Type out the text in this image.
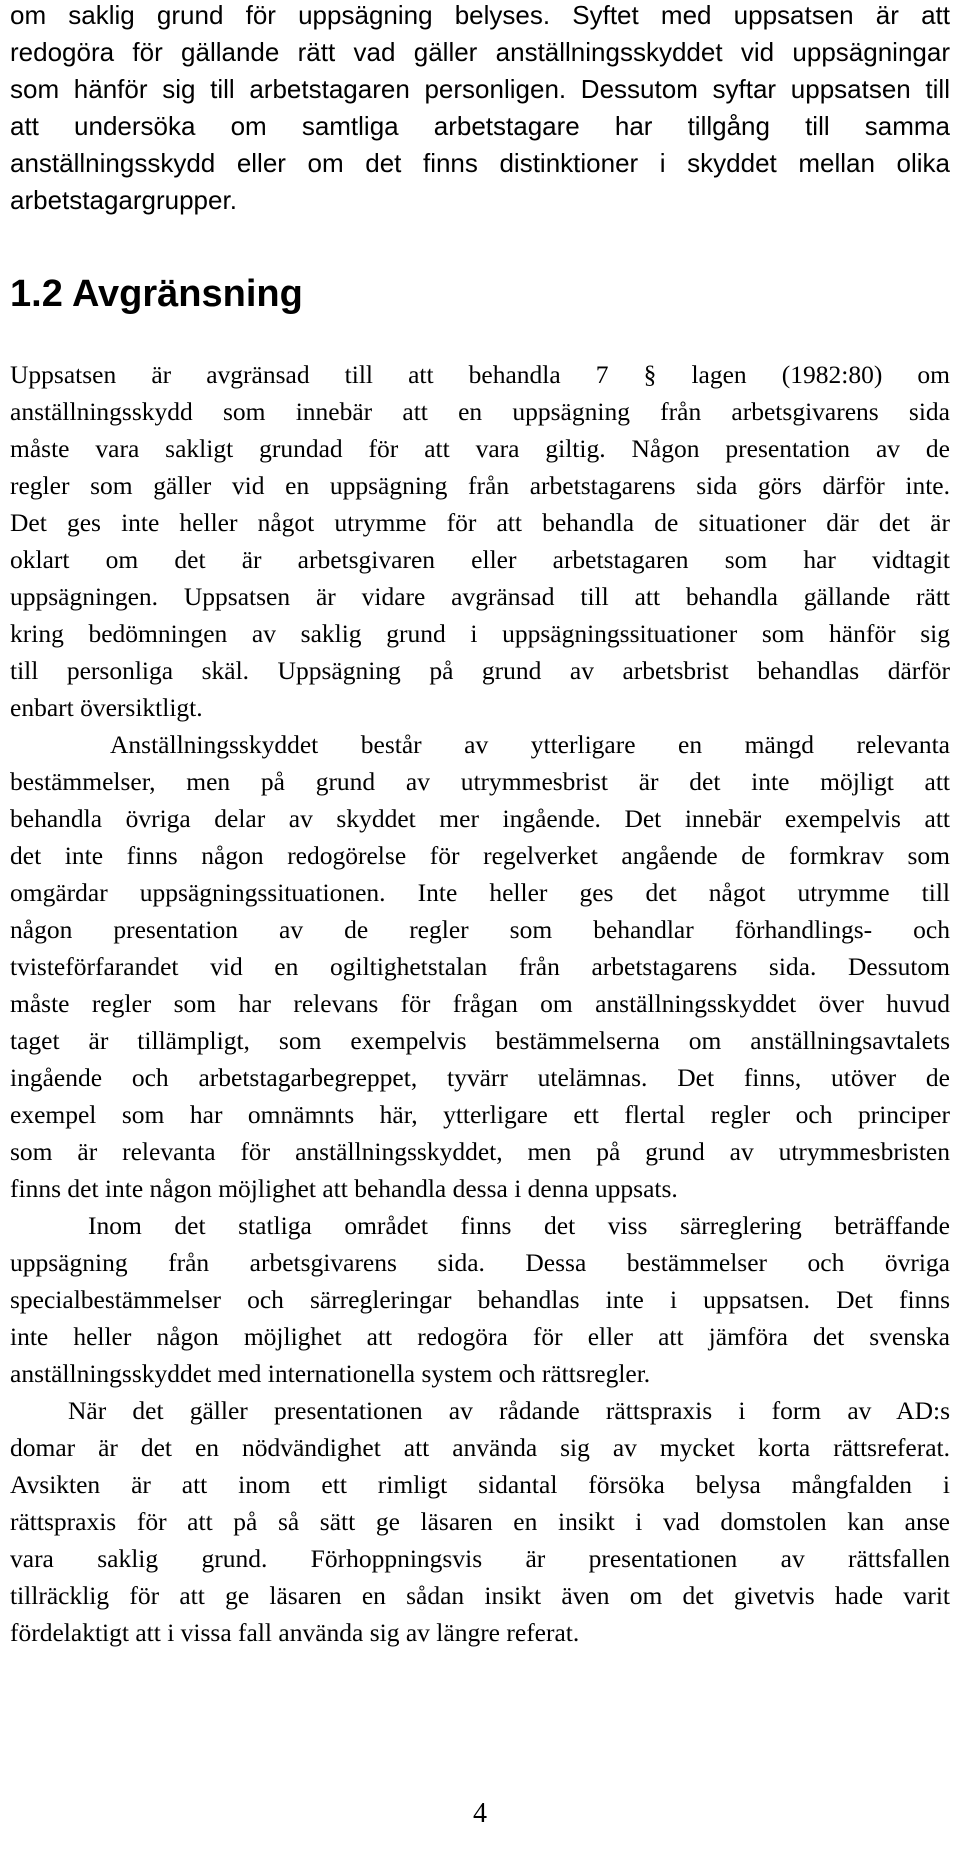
om saklig grund för uppsägning belyses. Syftet med uppsatsen är att
redogöra för gällande rätt vad gäller anställningsskyddet vid uppsägningar
som hänför sig till arbetstagaren personligen. Dessutom syftar uppsatsen till
att undersöka om samtliga arbetstagare har tillgång till samma
anställningsskydd eller om det finns distinktioner i skyddet mellan olika
arbetstagargrupper.
1.2 Avgränsning
Uppsatsen är avgränsad till att behandla 7 § lagen (1982:80) om
anställningsskydd som innebär att en uppsägning från arbetsgivarens sida
måste vara sakligt grundad för att vara giltig. Någon presentation av de
regler som gäller vid en uppsägning från arbetstagarens sida görs därför inte.
Det ges inte heller något utrymme för att behandla de situationer där det är
oklart om det är arbetsgivaren eller arbetstagaren som har vidtagit
uppsägningen. Uppsatsen är vidare avgränsad till att behandla gällande rätt
kring bedömningen av saklig grund i uppsägningssituationer som hänför sig
till personliga skäl. Uppsägning på grund av arbetsbrist behandlas därför
enbart översiktligt.
Anställningsskyddet består av ytterligare en mängd relevanta
bestämmelser, men på grund av utrymmesbrist är det inte möjligt att
behandla övriga delar av skyddet mer ingående. Det innebär exempelvis att
det inte finns någon redogörelse för regelverket angående de formkrav som
omgärdar uppsägningssituationen. Inte heller ges det något utrymme till
någon presentation av de regler som behandlar förhandlings- och
tvisteförfarandet vid en ogiltighetstalan från arbetstagarens sida. Dessutom
måste regler som har relevans för frågan om anställningsskyddet över huvud
taget är tillämpligt, som exempelvis bestämmelserna om anställningsavtalets
ingående och arbetstagarbegreppet, tyvärr utelämnas. Det finns, utöver de
exempel som har omnämnts här, ytterligare ett flertal regler och principer
som är relevanta för anställningsskyddet, men på grund av utrymmesbristen
finns det inte någon möjlighet att behandla dessa i denna uppsats.
Inom det statliga området finns det viss särreglering beträffande
uppsägning från arbetsgivarens sida. Dessa bestämmelser och övriga
specialbestämmelser och särregleringar behandlas inte i uppsatsen. Det finns
inte heller någon möjlighet att redogöra för eller att jämföra det svenska
anställningsskyddet med internationella system och rättsregler.
När det gäller presentationen av rådande rättspraxis i form av AD:s
domar är det en nödvändighet att använda sig av mycket korta rättsreferat.
Avsikten är att inom ett rimligt sidantal försöka belysa mångfalden i
rättspraxis för att på så sätt ge läsaren en insikt i vad domstolen kan anse
vara saklig grund. Förhoppningsvis är presentationen av rättsfallen
tillräcklig för att ge läsaren en sådan insikt även om det givetvis hade varit
fördelaktigt att i vissa fall använda sig av längre referat.
4
